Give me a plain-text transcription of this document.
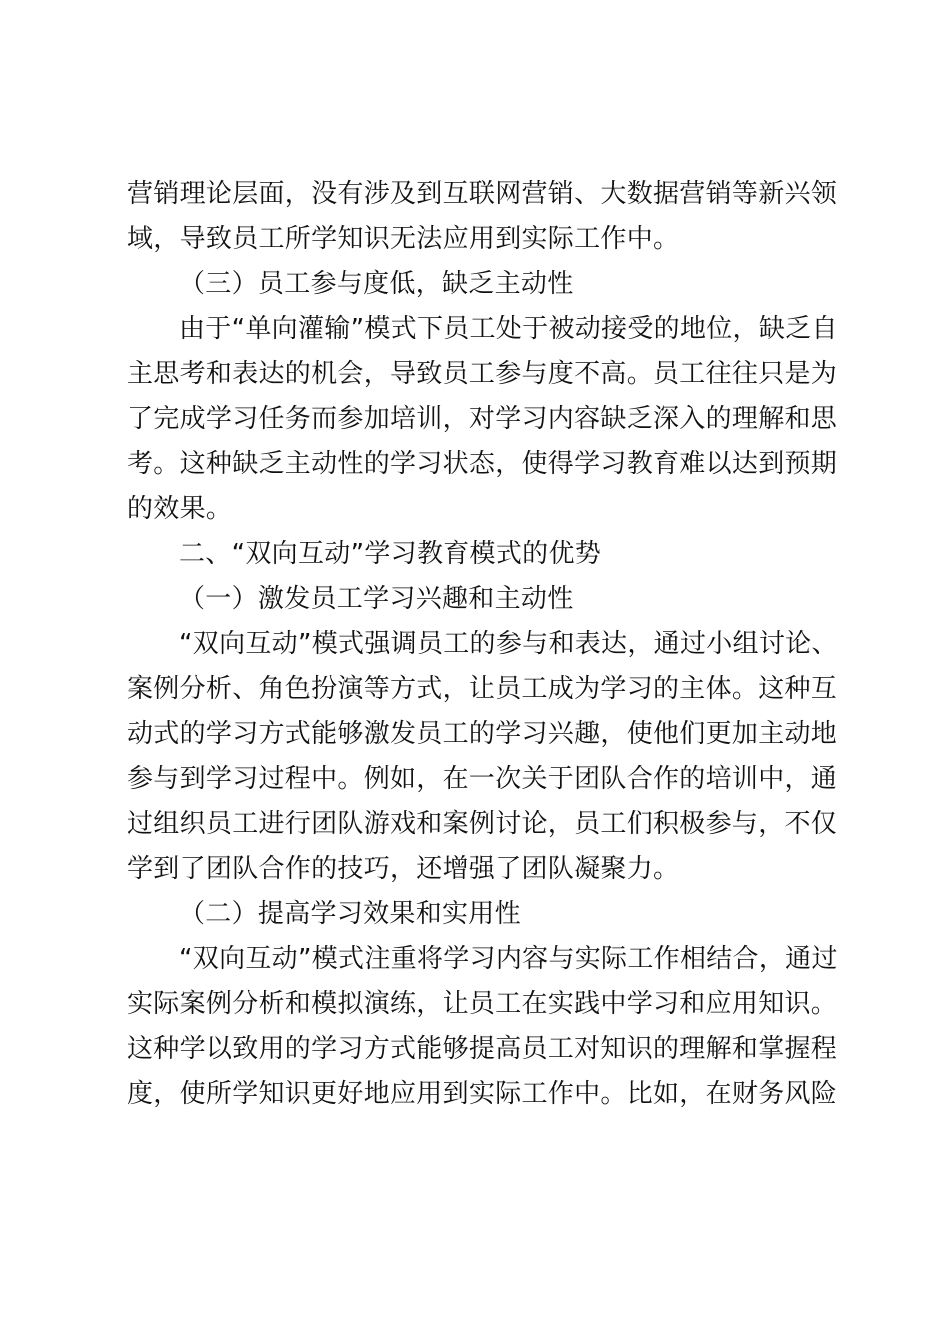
营销理论层面，没有涉及到互联网营销、大数据营销等新兴领
域，导致员工所学知识无法应用到实际工作中。
（三）员工参与度低，缺乏主动性
由于“单向灌输”模式下员工处于被动接受的地位，缺乏自
主思考和表达的机会，导致员工参与度不高。员工往往只是为
了完成学习任务而参加培训，对学习内容缺乏深入的理解和思
考。这种缺乏主动性的学习状态，使得学习教育难以达到预期
的效果。
二、“双向互动”学习教育模式的优势
（一）激发员工学习兴趣和主动性
“双向互动”模式强调员工的参与和表达，通过小组讨论、
案例分析、角色扮演等方式，让员工成为学习的主体。这种互
动式的学习方式能够激发员工的学习兴趣，使他们更加主动地
参与到学习过程中。例如，在一次关于团队合作的培训中，通
过组织员工进行团队游戏和案例讨论，员工们积极参与，不仅
学到了团队合作的技巧，还增强了团队凝聚力。
（二）提高学习效果和实用性
“双向互动”模式注重将学习内容与实际工作相结合，通过
实际案例分析和模拟演练，让员工在实践中学习和应用知识。
这种学以致用的学习方式能够提高员工对知识的理解和掌握程
度，使所学知识更好地应用到实际工作中。比如，在财务风险
